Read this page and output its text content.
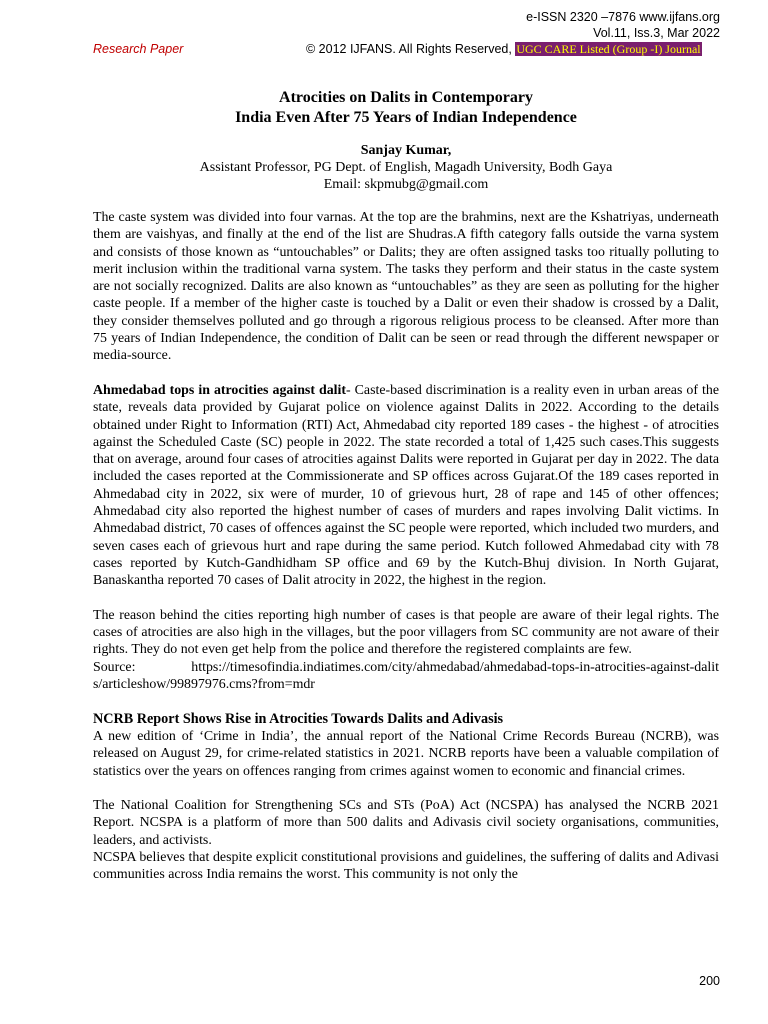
e-ISSN 2320 –7876 www.ijfans.org
Vol.11, Iss.3, Mar 2022
Research Paper	© 2012 IJFANS. All Rights Reserved, UGC CARE Listed (Group -I) Journal
Atrocities on Dalits in Contemporary
India Even After 75 Years of Indian Independence
Sanjay Kumar,
Assistant Professor, PG Dept. of English, Magadh University, Bodh Gaya
Email: skpmubg@gmail.com

The caste system was divided into four varnas. At the top are the brahmins, next are the Kshatriyas, underneath them are vaishyas, and finally at the end of the list are Shudras.A fifth category falls outside the varna system and consists of those known as “untouchables” or Dalits; they are often assigned tasks too ritually polluting to merit inclusion within the traditional varna system. The tasks they perform and their status in the caste system are not socially recognized. Dalits are also known as “untouchables” as they are seen as polluting for the higher caste people. If a member of the higher caste is touched by a Dalit or even their shadow is crossed by a Dalit, they consider themselves polluted and go through a rigorous religious process to be cleansed. After more than 75 years of Indian Independence, the condition of Dalit can be seen or read through the different newspaper or media-source.

Ahmedabad tops in atrocities against dalit- Caste-based discrimination is a reality even in urban areas of the state, reveals data provided by Gujarat police on violence against Dalits in 2022. According to the details obtained under Right to Information (RTI) Act, Ahmedabad city reported 189 cases - the highest - of atrocities against the Scheduled Caste (SC) people in 2022. The state recorded a total of 1,425 such cases.This suggests that on average, around four cases of atrocities against Dalits were reported in Gujarat per day in 2022. The data included the cases reported at the Commissionerate and SP offices across Gujarat.Of the 189 cases reported in Ahmedabad city in 2022, six were of murder, 10 of grievous hurt, 28 of rape and 145 of other offences; Ahmedabad city also reported the highest number of cases of murders and rapes involving Dalit victims. In Ahmedabad district, 70 cases of offences against the SC people were reported, which included two murders, and seven cases each of grievous hurt and rape during the same period. Kutch followed Ahmedabad city with 78 cases reported by Kutch-Gandhidham SP office and 69 by the Kutch-Bhuj division. In North Gujarat, Banaskantha reported 70 cases of Dalit atrocity in 2022, the highest in the region.

The reason behind the cities reporting high number of cases is that people are aware of their legal rights. The cases of atrocities are also high in the villages, but the poor villagers from SC community are not aware of their rights. They do not even get help from the police and therefore the registered complaints are few.

Source:	https://timesofindia.indiatimes.com/city/ahmedabad/ahmedabad-tops-in-atrocities-against-dalits/articleshow/99897976.cms?from=mdr

NCRB Report Shows Rise in Atrocities Towards Dalits and Adivasis

A new edition of ‘Crime in India’, the annual report of the National Crime Records Bureau (NCRB), was released on August 29, for crime-related statistics in 2021. NCRB reports have been a valuable compilation of statistics over the years on offences ranging from crimes against women to economic and financial crimes.

The National Coalition for Strengthening SCs and STs (PoA) Act (NCSPA) has analysed the NCRB 2021 Report. NCSPA is a platform of more than 500 dalits and Adivasis civil society organisations, communities, leaders, and activists.

NCSPA believes that despite explicit constitutional provisions and guidelines, the suffering of dalits and Adivasi communities across India remains the worst. This community is not only the

200
